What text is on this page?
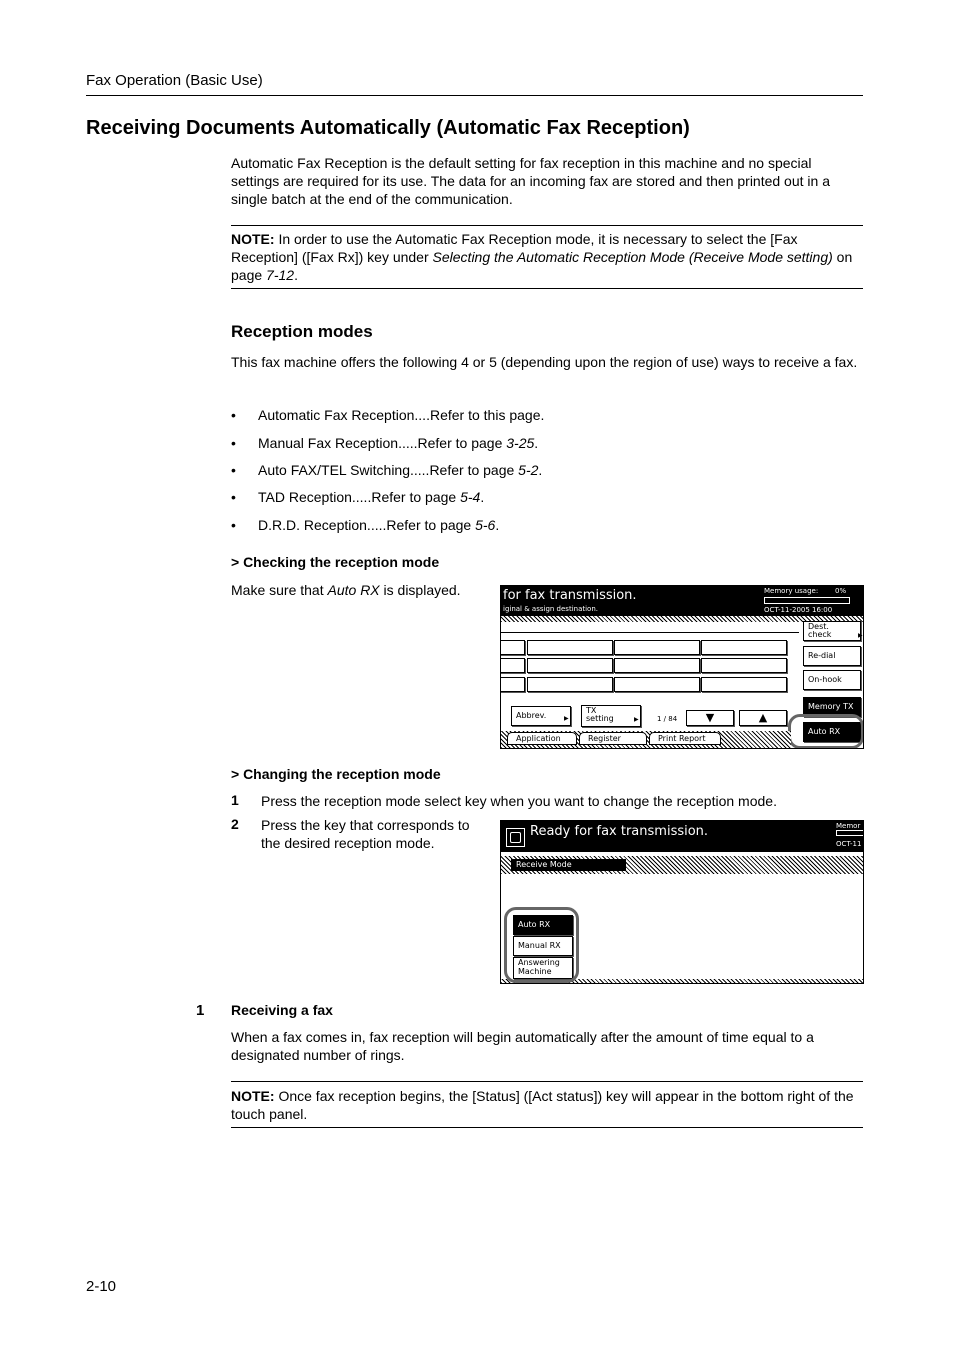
Fax Operation (Basic Use)
Receiving Documents Automatically (Automatic Fax Reception)
Automatic Fax Reception is the default setting for fax reception in this machine and no special settings are required for its use. The data for an incoming fax are stored and then printed out in a single batch at the end of the communication.
NOTE: In order to use the Automatic Fax Reception mode, it is necessary to select the [Fax Reception] ([Fax Rx]) key under Selecting the Automatic Reception Mode (Receive Mode setting) on page 7-12.
Reception modes
This fax machine offers the following 4 or 5 (depending upon the region of use) ways to receive a fax.
• Automatic Fax Reception....Refer to this page.
• Manual Fax Reception.....Refer to page 3-25.
• Auto FAX/TEL Switching.....Refer to page 5-2.
• TAD Reception.....Refer to page 5-4.
• D.R.D. Reception.....Refer to page 5-6.
> Checking the reception mode
Make sure that Auto RX is displayed.	for fax transmission.
iginal & assign destination.
Memory usage: 0%
OCT-11-2005 16:00
Dest. check	▶
Re-dial
On-hook
Memory TX
Auto RX
Abbrev.	▶
TX setting	▶	1 / 84	▼	▲
Application	Register	Print Report
> Changing the reception mode
1 Press the reception mode select key when you want to change the reception mode.
2 Press the key that corresponds to the desired reception mode.
Ready for fax transmission.	Memor
OCT-11
Receive Mode
Auto RX
Manual RX
Answering Machine
1 Receiving a fax
When a fax comes in, fax reception will begin automatically after the amount of time equal to a designated number of rings.
NOTE: Once fax reception begins, the [Status] ([Act status]) key will appear in the bottom right of the touch panel.
2-10
